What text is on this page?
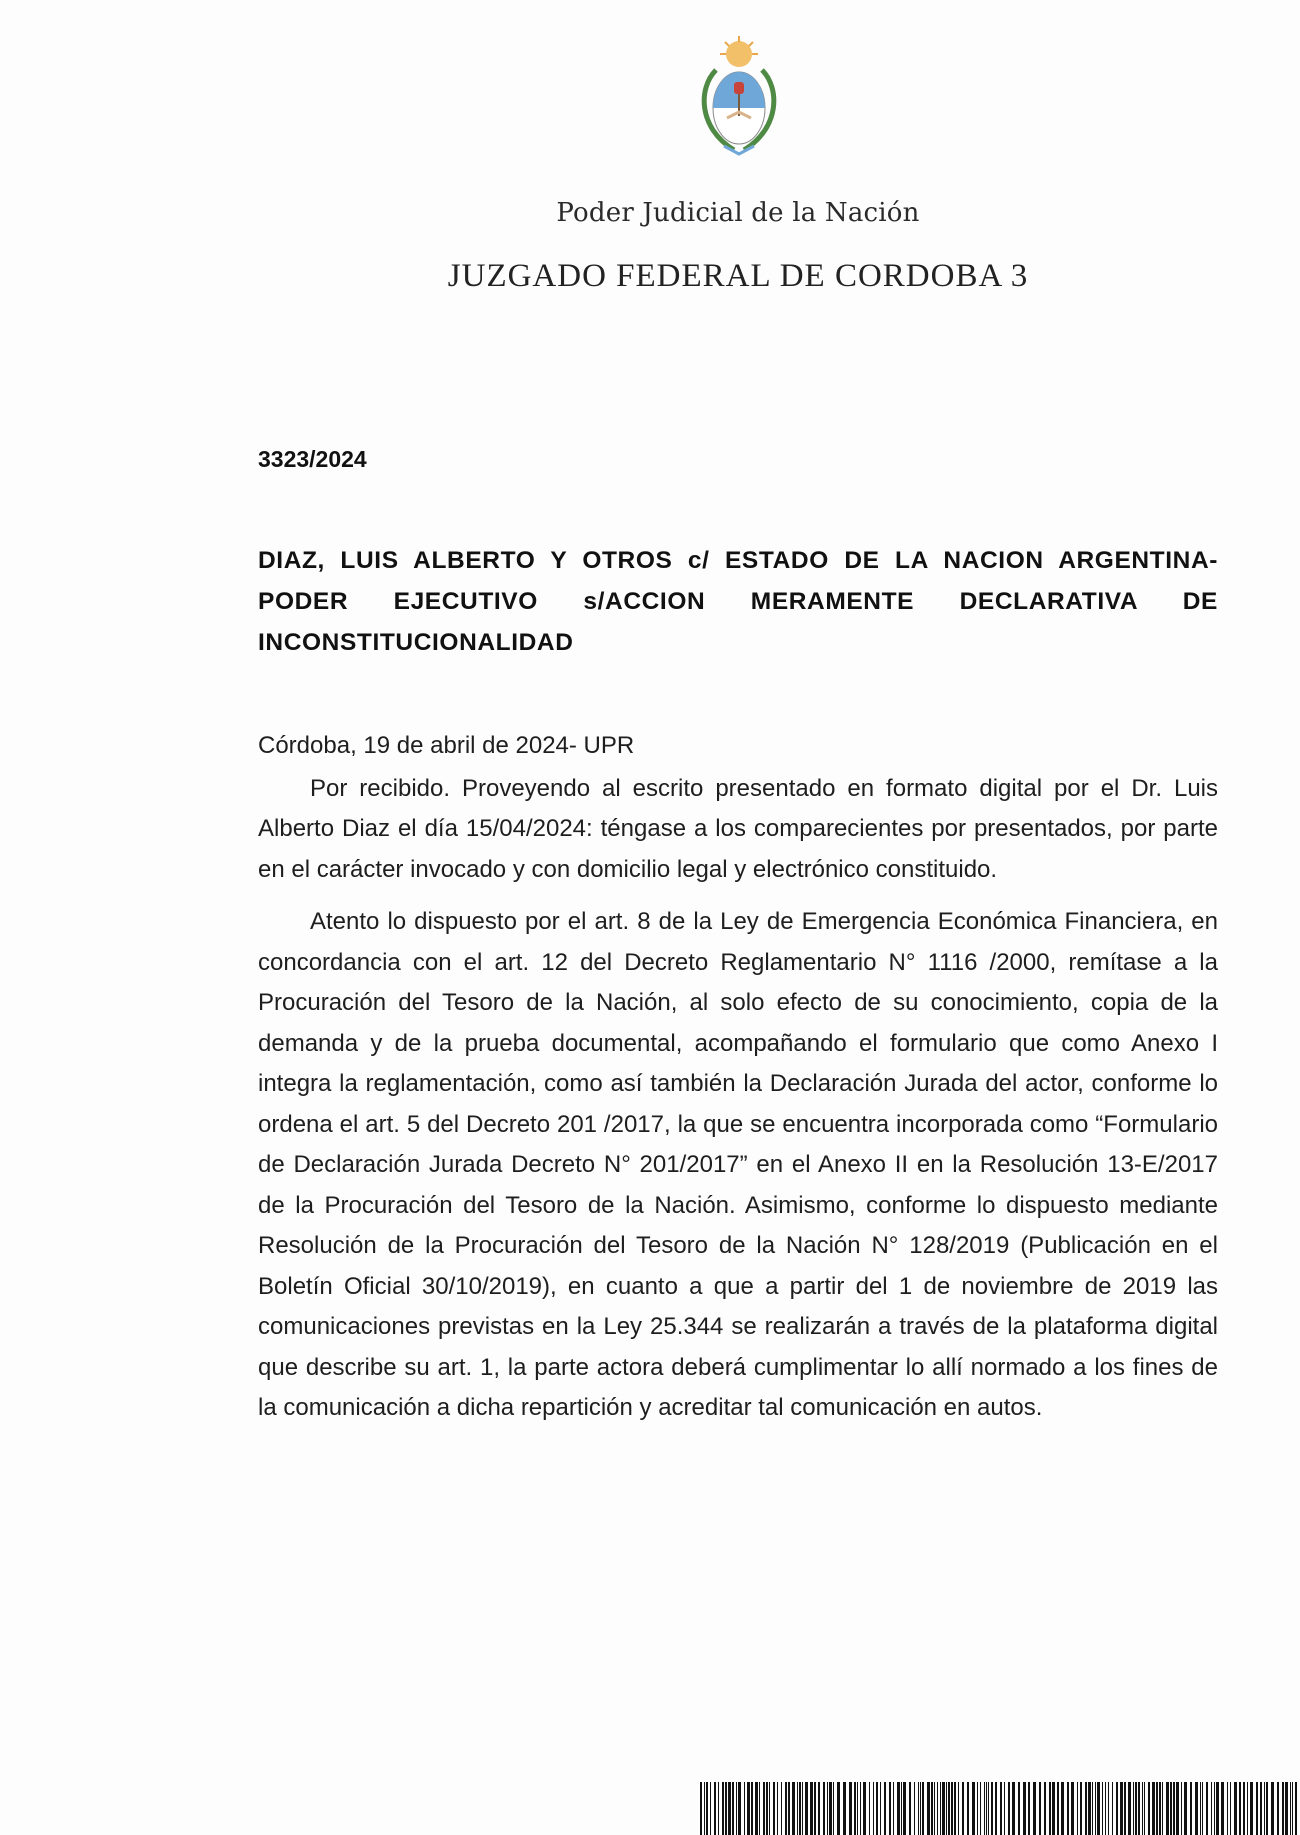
Poder Judicial de la Nación
JUZGADO FEDERAL DE CORDOBA 3
3323/2024
DIAZ, LUIS ALBERTO Y OTROS c/ ESTADO DE LA NACION ARGENTINA-PODER EJECUTIVO s/ACCION MERAMENTE DECLARATIVA DE INCONSTITUCIONALIDAD

Córdoba, 19 de abril de 2024- UPR

Por recibido. Proveyendo al escrito presentado en formato digital por el Dr. Luis Alberto Diaz el día 15/04/2024: téngase a los comparecientes por presentados, por parte en el carácter invocado y con domicilio legal y electrónico constituido.

Atento lo dispuesto por el art. 8 de la Ley de Emergencia Económica Financiera, en concordancia con el art. 12 del Decreto Reglamentario N° 1116 /2000, remítase a la Procuración del Tesoro de la Nación, al solo efecto de su conocimiento, copia de la demanda y de la prueba documental, acompañando el formulario que como Anexo I integra la reglamentación, como así también la Declaración Jurada del actor, conforme lo ordena el art. 5 del Decreto 201 /2017, la que se encuentra incorporada como “Formulario de Declaración Jurada Decreto N° 201/2017” en el Anexo II en la Resolución 13-E/2017 de la Procuración del Tesoro de la Nación. Asimismo, conforme lo dispuesto mediante Resolución de la Procuración del Tesoro de la Nación N° 128/2019 (Publicación en el Boletín Oficial 30/10/2019), en cuanto a que a partir del 1 de noviembre de 2019 las comunicaciones previstas en la Ley 25.344 se realizarán a través de la plataforma digital que describe su art. 1, la parte actora deberá cumplimentar lo allí normado a los fines de la comunicación a dicha repartición y acreditar tal comunicación en autos.
